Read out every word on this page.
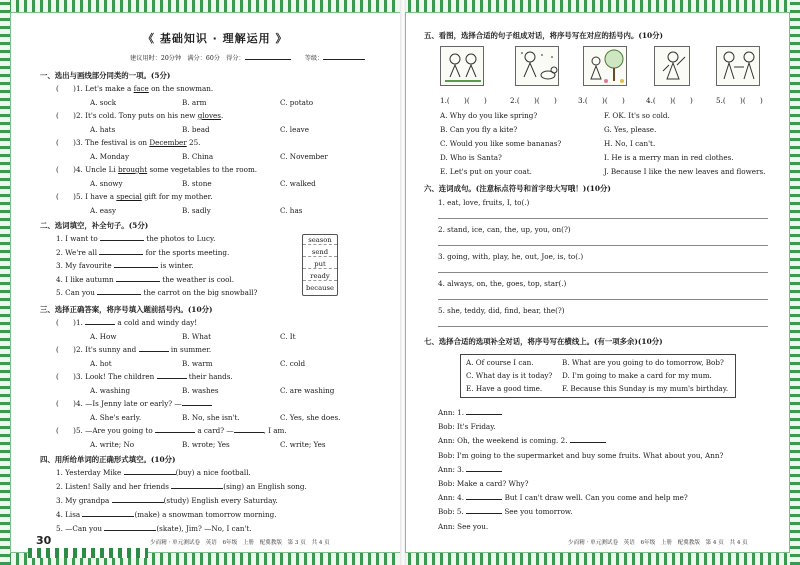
《 基础知识 · 理解运用 》
建议用时：20分钟　满分：60分　得分：	等级：
一、选出与画线部分同类的一项。(5分)
(　　)1. Let's make a face on the snowman.
A. sock	B. arm	C. potato
(　　)2. It's cold. Tony puts on his new gloves.
A. hats	B. bead	C. leave
(　　)3. The festival is on December 25.
A. Monday	B. China	C. November
(　　)4. Uncle Li brought some vegetables to the room.
A. snowy	B. stone	C. walked
(　　)5. I have a special gift for my mother.
A. easy	B. sadly	C. has
二、选词填空，补全句子。(5分)
1. I want to	the photos to Lucy.
2. We're all	for the sports meeting.
3. My favourite	is winter.
4. I like autumn	the weather is cool.
5. Can you	the carrot on the big snowball?
season
send
put
ready
because
三、选择正确答案，将序号填入题前括号内。(10分)
(　　)1.	a cold and windy day!
A. How	B. What	C. It
(　　)2. It's sunny and	in summer.
A. hot	B. warm	C. cold
(　　)3. Look! The children	their hands.
A. washing	B. washes	C. are washing
(　　)4. —Is Jenny late or early? —
A. She's early.	B. No, she isn't.	C. Yes, she does.
(　　)5. —Are you going to	a card? —	, I am.
A. write; No	B. wrote; Yes	C. write; Yes
四、用所给单词的正确形式填空。(10分)
1. Yesterday Mike	(buy) a nice football.
2. Listen! Sally and her friends	(sing) an English song.
3. My grandpa	(study) English every Saturday.
4. Lisa	(make) a snowman tomorrow morning.
5. —Can you	(skate), Jim? —No, I can't.
30	少而精 · 单元测试卷　英语　6年级　上册　配冀教版　第 3 页　共 4 页
五、看图，选择合适的句子组成对话，将序号写在对应的括号内。(10分)
1.(　　)(　　)	2.(　　)(　　)	3.(　　)(　　)	4.(　　)(　　)	5.(　　)(　　)
A. Why do you like spring?	F. OK. It's so cold.
B. Can you fly a kite?	G. Yes, please.
C. Would you like some bananas?	H. No, I can't.
D. Who is Santa?	I. He is a merry man in red clothes.
E. Let's put on your coat.	J. Because I like the new leaves and flowers.
六、连词成句。(注意标点符号和首字母大写哦！)(10分)
1. eat, love, fruits, I, to(.)
2. stand, ice, can, the, up, you, on(?)
3. going, with, play, he, out, Joe, is, to(.)
4. always, on, the, goes, top, star(.)
5. she, teddy, did, find, bear, the(?)
七、选择合适的选项补全对话，将序号写在横线上。(有一项多余)(10分)
A. Of course I can.	B. What are you going to do tomorrow, Bob?
C. What day is it today? D. I'm going to make a card for my mum.
E. Have a good time.	F. Because this Sunday is my mum's birthday.
Ann: 1.
Bob: It's Friday.
Ann: Oh, the weekend is coming. 2.
Bob: I'm going to the supermarket and buy some fruits. What about you, Ann?
Ann: 3.
Bob: Make a card? Why?
Ann: 4.	But I can't draw well. Can you come and help me?
Bob: 5.	See you tomorrow.
Ann: See you.
少而精 · 单元测试卷　英语　6年级　上册　配冀教版　第 4 页　共 4 页
